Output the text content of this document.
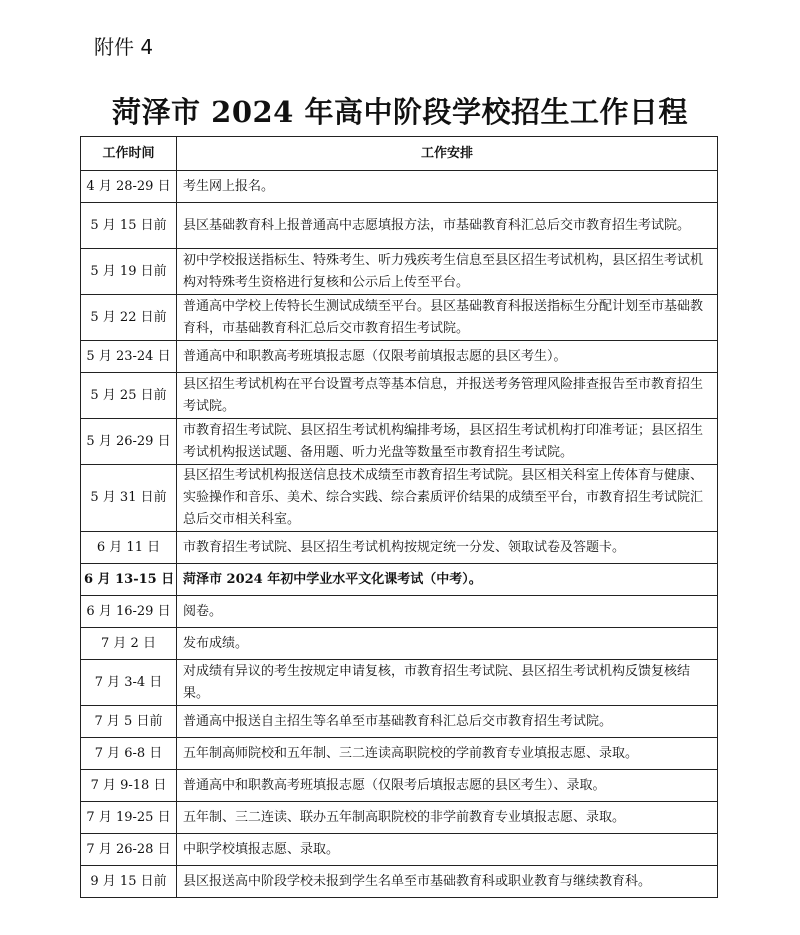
附件 4
菏泽市 2024 年高中阶段学校招生工作日程
工作时间	工作安排
4 月 28-29 日	考生网上报名。
5 月 15 日前	县区基础教育科上报普通高中志愿填报方法，市基础教育科汇总后交市教育招生考试院。
5 月 19 日前	初中学校报送指标生、特殊考生、听力残疾考生信息至县区招生考试机构，县区招生考试机构对特殊考生资格进行复核和公示后上传至平台。
5 月 22 日前	普通高中学校上传特长生测试成绩至平台。县区基础教育科报送指标生分配计划至市基础教育科，市基础教育科汇总后交市教育招生考试院。
5 月 23-24 日	普通高中和职教高考班填报志愿（仅限考前填报志愿的县区考生）。
5 月 25 日前	县区招生考试机构在平台设置考点等基本信息，并报送考务管理风险排查报告至市教育招生考试院。
5 月 26-29 日	市教育招生考试院、县区招生考试机构编排考场，县区招生考试机构打印准考证；县区招生考试机构报送试题、备用题、听力光盘等数量至市教育招生考试院。
5 月 31 日前	县区招生考试机构报送信息技术成绩至市教育招生考试院。县区相关科室上传体育与健康、实验操作和音乐、美术、综合实践、综合素质评价结果的成绩至平台，市教育招生考试院汇总后交市相关科室。
6 月 11 日	市教育招生考试院、县区招生考试机构按规定统一分发、领取试卷及答题卡。
6 月 13-15 日	菏泽市 2024 年初中学业水平文化课考试（中考）。
6 月 16-29 日	阅卷。
7 月 2 日	发布成绩。
7 月 3-4 日	对成绩有异议的考生按规定申请复核，市教育招生考试院、县区招生考试机构反馈复核结果。
7 月 5 日前	普通高中报送自主招生等名单至市基础教育科汇总后交市教育招生考试院。
7 月 6-8 日	五年制高师院校和五年制、三二连读高职院校的学前教育专业填报志愿、录取。
7 月 9-18 日	普通高中和职教高考班填报志愿（仅限考后填报志愿的县区考生）、录取。
7 月 19-25 日	五年制、三二连读、联办五年制高职院校的非学前教育专业填报志愿、录取。
7 月 26-28 日	中职学校填报志愿、录取。
9 月 15 日前	县区报送高中阶段学校未报到学生名单至市基础教育科或职业教育与继续教育科。
